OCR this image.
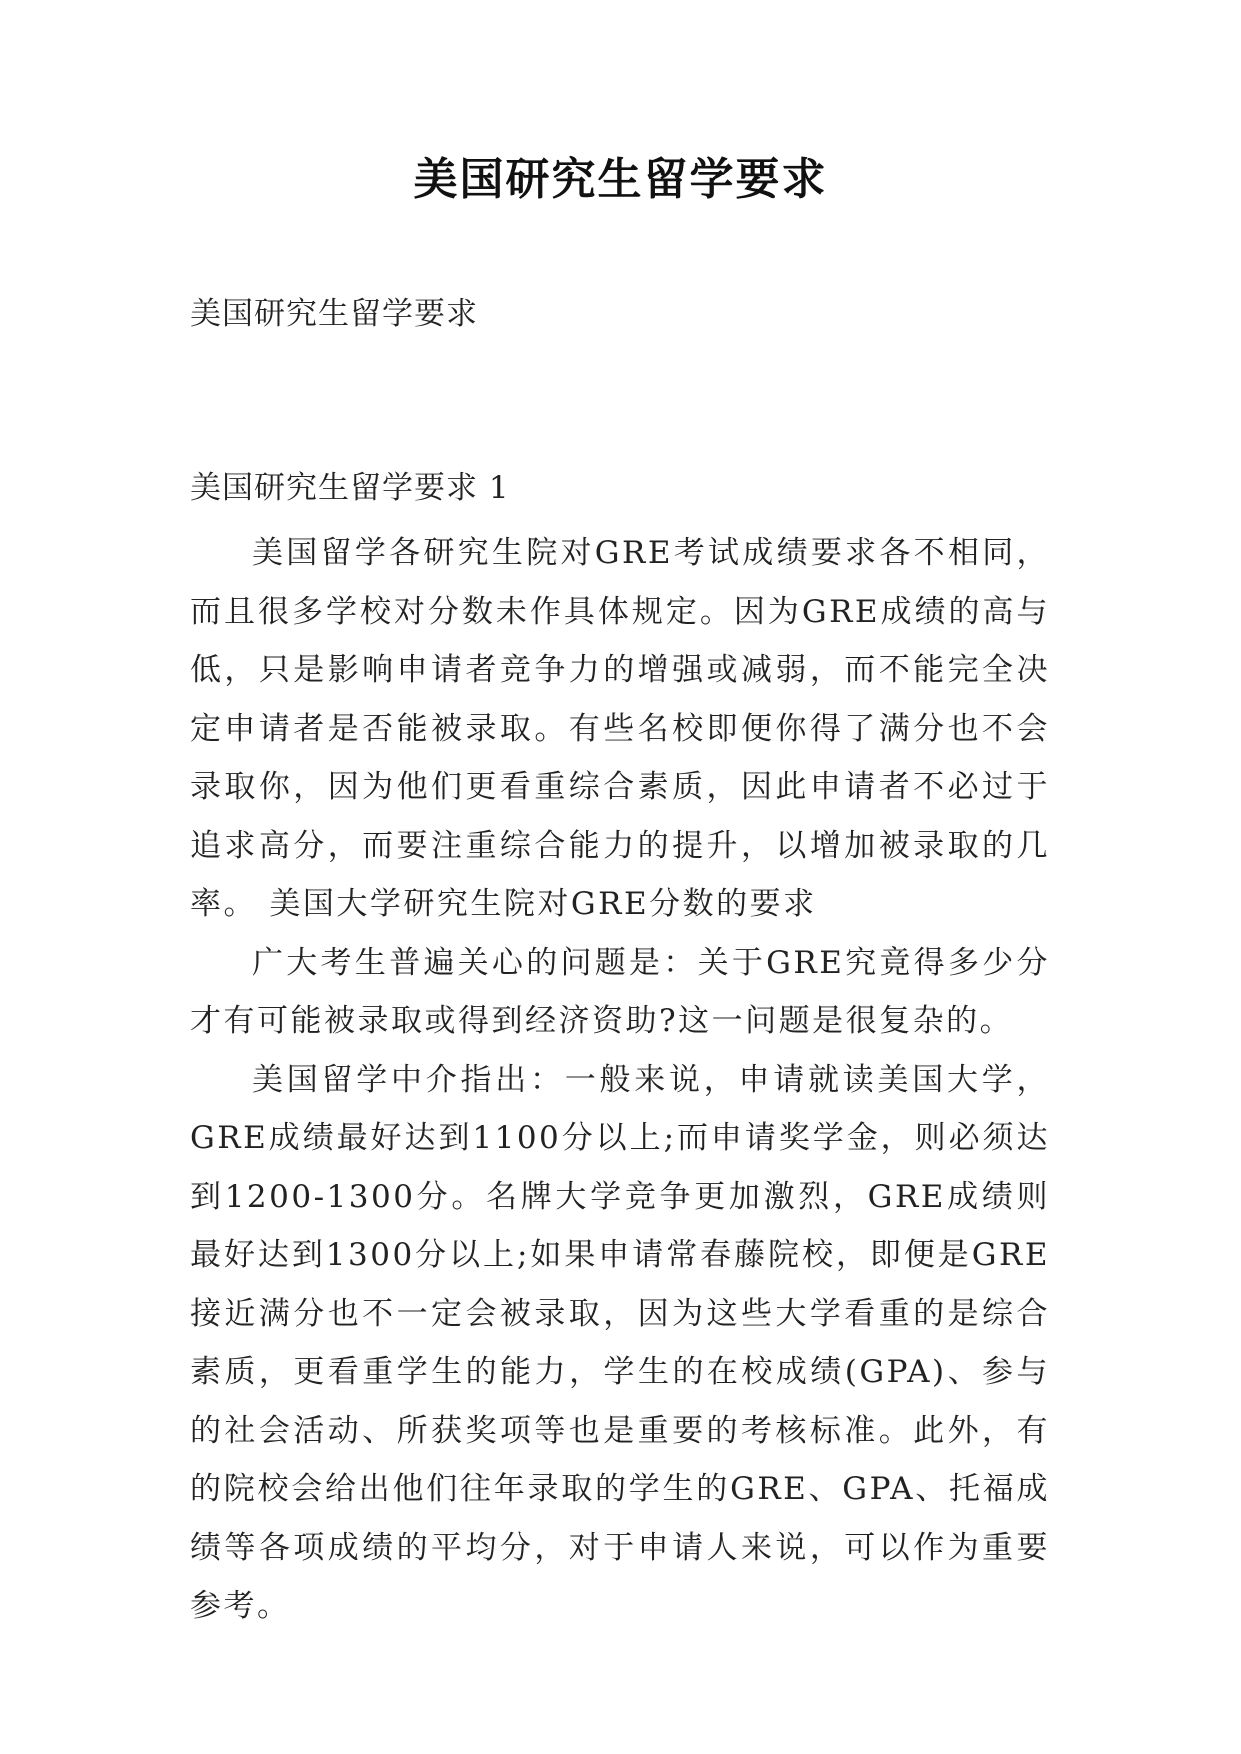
美国研究生留学要求
美国研究生留学要求
美国研究生留学要求 1

美国留学各研究生院对GRE考试成绩要求各不相同，而且很多学校对分数未作具体规定。因为GRE成绩的高与低，只是影响申请者竞争力的增强或减弱，而不能完全决定申请者是否能被录取。有些名校即便你得了满分也不会录取你，因为他们更看重综合素质，因此申请者不必过于追求高分，而要注重综合能力的提升，以增加被录取的几率。 美国大学研究生院对GRE分数的要求

广大考生普遍关心的问题是：关于GRE究竟得多少分才有可能被录取或得到经济资助?这一问题是很复杂的。

美国留学中介指出：一般来说，申请就读美国大学，GRE成绩最好达到1100分以上;而申请奖学金，则必须达到1200-1300分。名牌大学竞争更加激烈，GRE成绩则最好达到1300分以上;如果申请常春藤院校，即便是GRE接近满分也不一定会被录取，因为这些大学看重的是综合素质，更看重学生的能力，学生的在校成绩(GPA)、参与的社会活动、所获奖项等也是重要的考核标准。此外，有的院校会给出他们往年录取的学生的GRE、GPA、托福成绩等各项成绩的平均分，对于申请人来说，可以作为重要参考。
